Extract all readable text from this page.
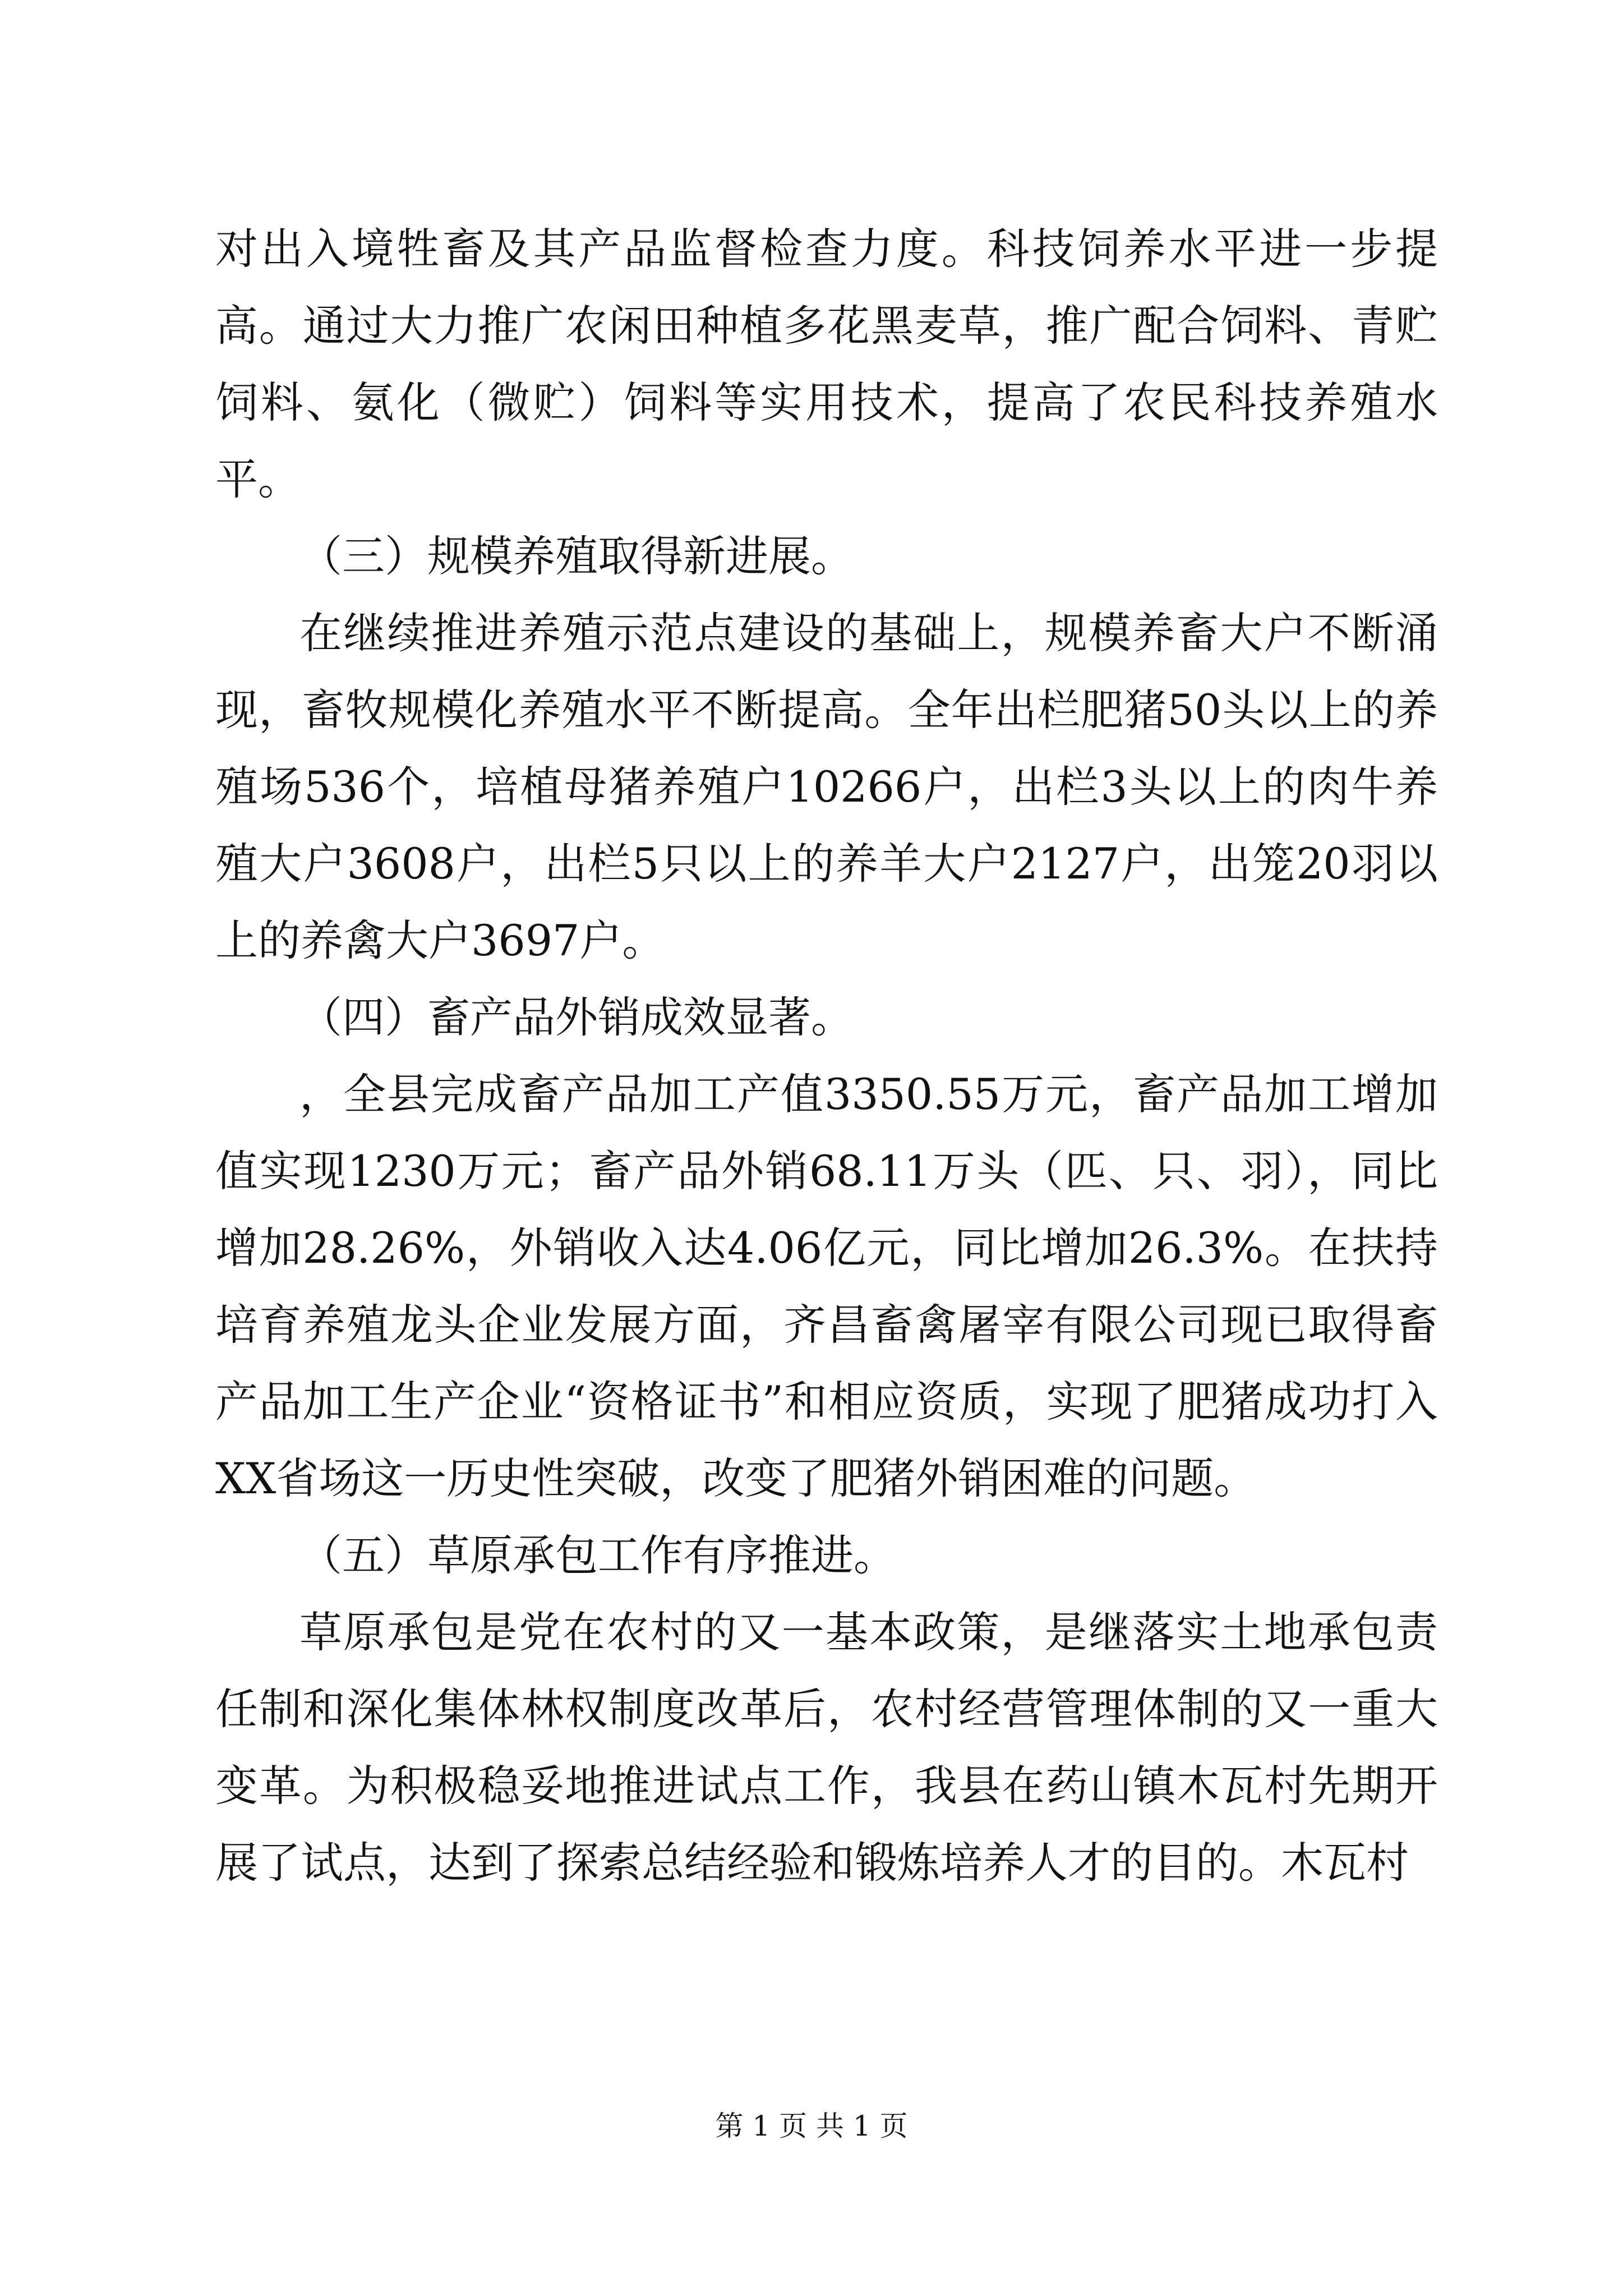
对出入境牲畜及其产品监督检查力度。科技饲养水平进一步提高。通过大力推广农闲田种植多花黑麦草，推广配合饲料、青贮饲料、氨化（微贮）饲料等实用技术，提高了农民科技养殖水平。

（三）规模养殖取得新进展。

在继续推进养殖示范点建设的基础上，规模养畜大户不断涌现，畜牧规模化养殖水平不断提高。全年出栏肥猪50头以上的养殖场536个，培植母猪养殖户10266户，出栏3头以上的肉牛养殖大户3608户，出栏5只以上的养羊大户2127户，出笼20羽以上的养禽大户3697户。

（四）畜产品外销成效显著。

，全县完成畜产品加工产值3350.55万元，畜产品加工增加值实现1230万元；畜产品外销68.11万头（匹、只、羽），同比增加28.26%，外销收入达4.06亿元，同比增加26.3%。在扶持培育养殖龙头企业发展方面，齐昌畜禽屠宰有限公司现已取得畜产品加工生产企业“资格证书”和相应资质，实现了肥猪成功打入XX省场这一历史性突破，改变了肥猪外销困难的问题。

（五）草原承包工作有序推进。

草原承包是党在农村的又一基本政策，是继落实土地承包责任制和深化集体林权制度改革后，农村经营管理体制的又一重大变革。为积极稳妥地推进试点工作，我县在药山镇木瓦村先期开展了试点，达到了探索总结经验和锻炼培养人才的目的。木瓦村

第 1 页 共 1 页
